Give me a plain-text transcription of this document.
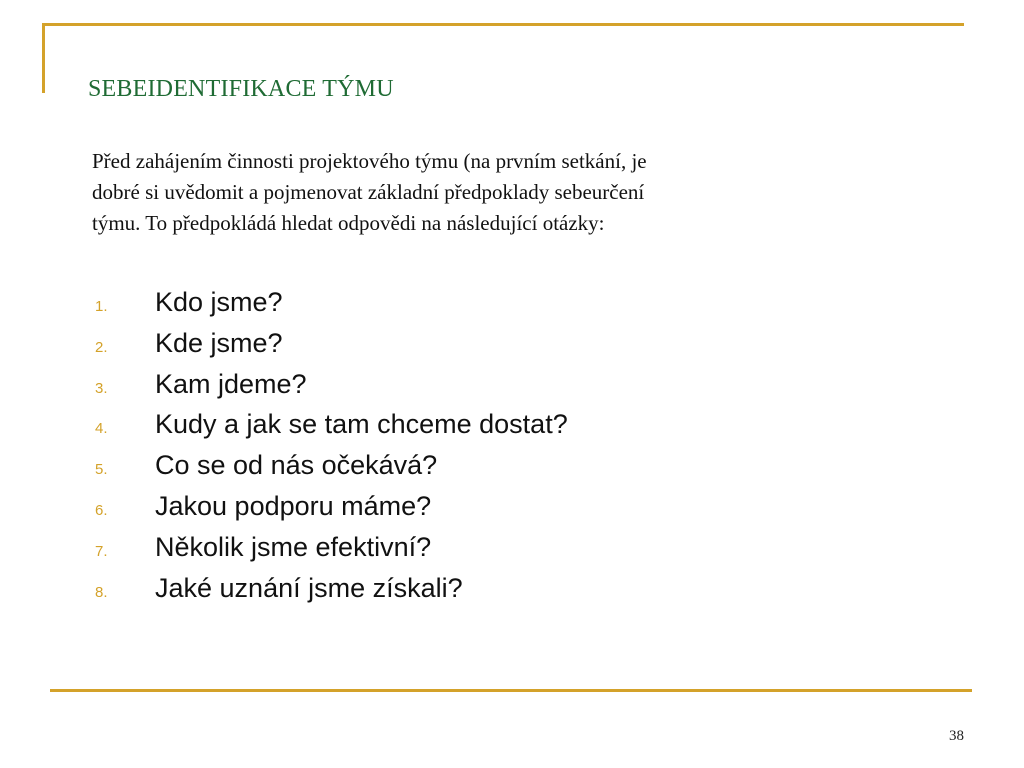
SEBEIDENTIFIKACE TÝMU

Před zahájením činnosti projektového týmu (na prvním setkání, je
dobré si uvědomit a pojmenovat základní předpoklady sebeurčení
týmu. To předpokládá hledat odpovědi na následující otázky:

1.	Kdo jsme?
2.	Kde jsme?
3.	Kam jdeme?
4.	Kudy a jak se tam chceme dostat?
5.	Co se od nás očekává?
6.	Jakou podporu máme?
7.	Několik jsme efektivní?
8.	Jaké uznání jsme získali?
38
